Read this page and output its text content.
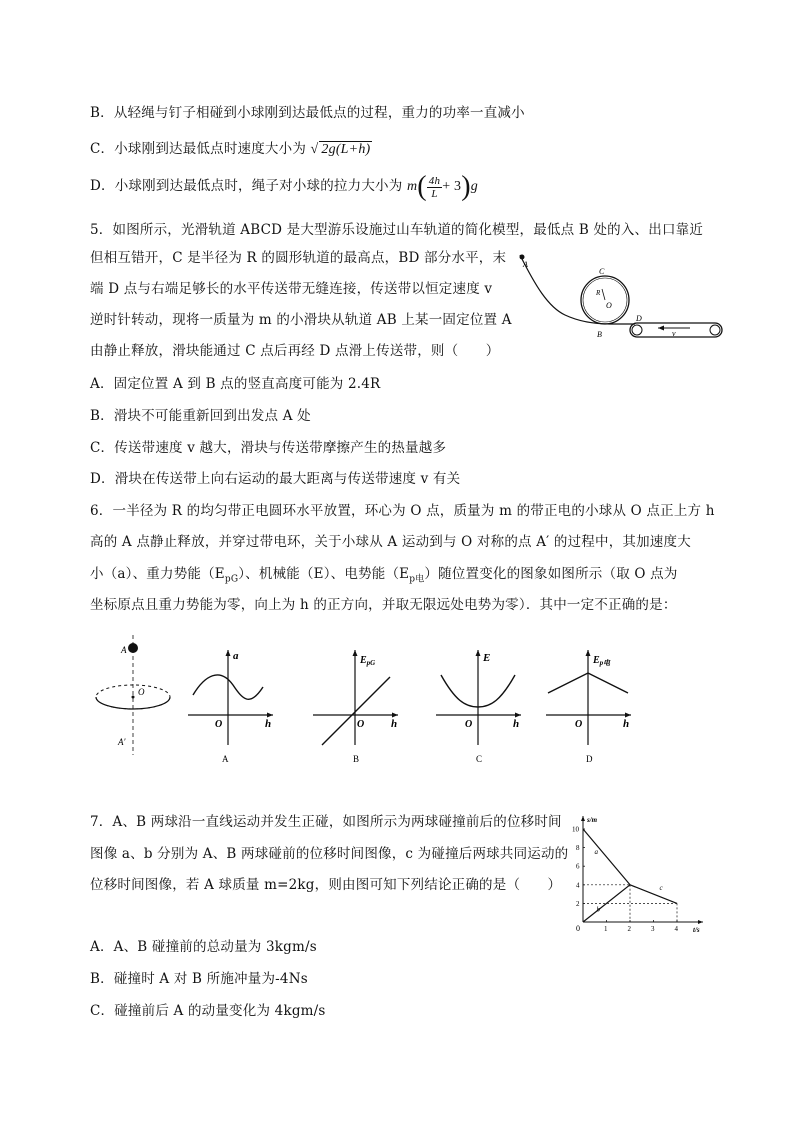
B．从轻绳与钉子相碰到小球刚到达最低点的过程，重力的功率一直减小
C．小球刚到达最低点时速度大小为 √ 2g(L+h)
D．小球刚到达最低点时，绳子对小球的拉力大小为 $m( \frac{4h}{L} + 3)g$
5．如图所示，光滑轨道 ABCD 是大型游乐设施过山车轨道的简化模型，最低点 B 处的入、出口靠近
但相互错开，C 是半径为 R 的圆形轨道的最高点，BD 部分水平，末
端 D 点与右端足够长的水平传送带无缝连接，传送带以恒定速度 v
逆时针转动，现将一质量为 m 的小滑块从轨道 AB 上某一固定位置 A
由静止释放，滑块能通过 C 点后再经 D 点滑上传送带，则（　　）
A．固定位置 A 到 B 点的竖直高度可能为 2.4R
B．滑块不可能重新回到出发点 A 处
C．传送带速度 v 越大，滑块与传送带摩擦产生的热量越多
D．滑块在传送带上向右运动的最大距离与传送带速度 v 有关
A
C
R
O
B
D
v
6．一半径为 R 的均匀带正电圆环水平放置，环心为 O 点，质量为 m 的带正电的小球从 O 点正上方 h
高的 A 点静止释放，并穿过带电环，关于小球从 A 运动到与 O 对称的点 A′ 的过程中，其加速度大
小（a）、重力势能$(E_{pG})$、机械能（E）、电势能$(E_{p电})$随位置变化的图象如图所示（取 O 点为
坐标原点且重力势能为零，向上为 h 的正方向，并取无限远处电势为零）．其中一定不正确的是：
A
O
A′
a
O	h
A
$E_{pG}$
O h
B
E
O	h
C
$E_{p电}$
O	h
D
7．A、B 两球沿一直线运动并发生正碰，如图所示为两球碰撞前后的位移时间
图像 a、b 分别为 A、B 两球碰前的位移时间图像，c 为碰撞后两球共同运动的
位移时间图像，若 A 球质量 m=2kg，则由图可知下列结论正确的是（　　）
A．A、B 碰撞前的总动量为 3kgm/s
B．碰撞时 A 对 B 所施冲量为-4Ns
C．碰撞前后 A 的动量变化为 4kgm/s
s/m
t/s
0	1	2	3	4
2
4
6
8
10
a
b
c
